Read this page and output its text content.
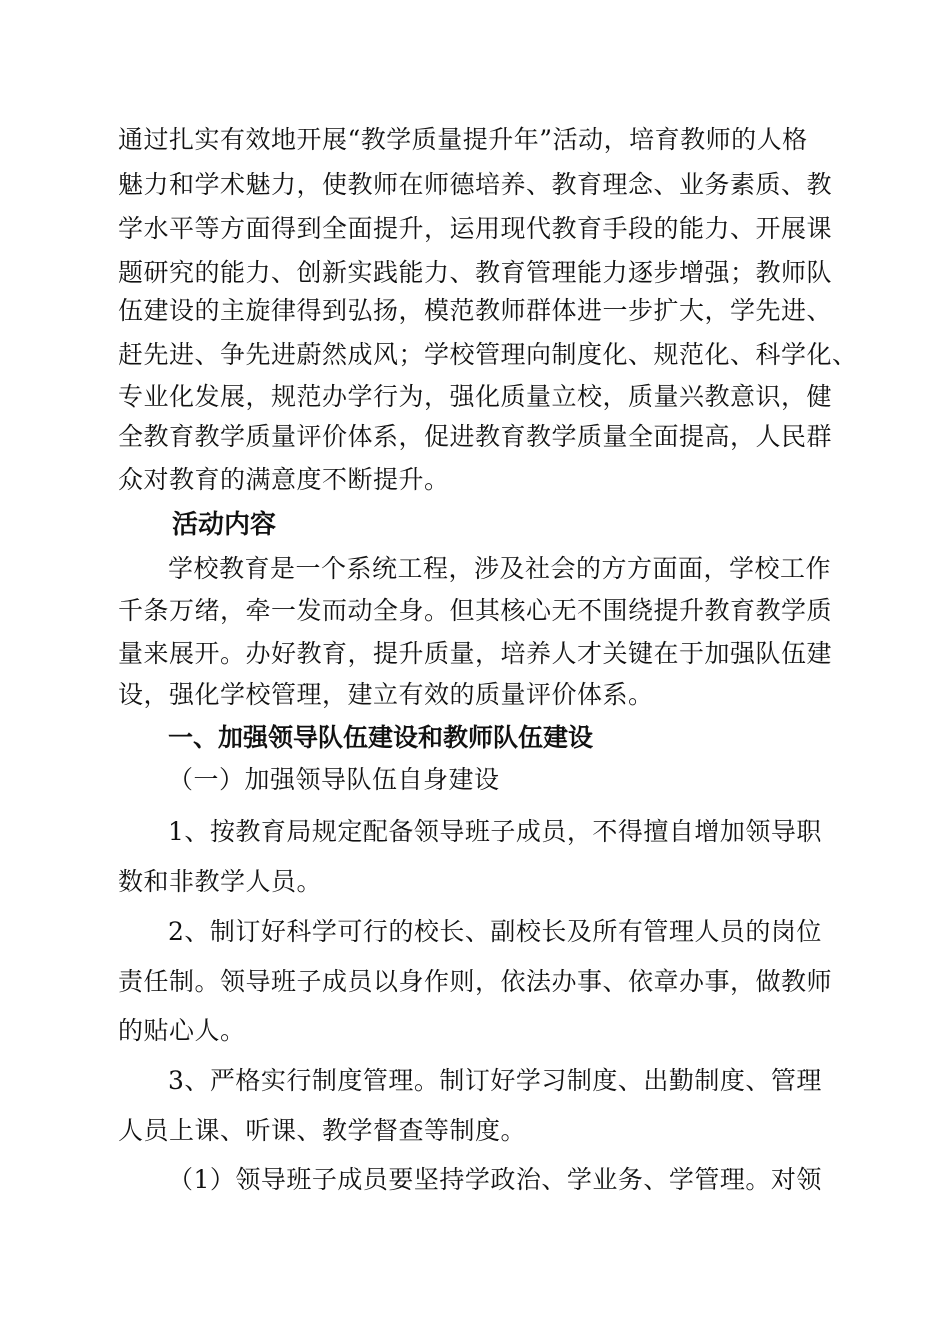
通过扎实有效地开展“教学质量提升年”活动，培育教师的人格
魅力和学术魅力，使教师在师德培养、教育理念、业务素质、教
学水平等方面得到全面提升，运用现代教育手段的能力、开展课
题研究的能力、创新实践能力、教育管理能力逐步增强；教师队
伍建设的主旋律得到弘扬，模范教师群体进一步扩大，学先进、
赶先进、争先进蔚然成风；学校管理向制度化、规范化、科学化、
专业化发展，规范办学行为，强化质量立校，质量兴教意识，健
全教育教学质量评价体系，促进教育教学质量全面提高，人民群
众对教育的满意度不断提升。
活动内容
学校教育是一个系统工程，涉及社会的方方面面，学校工作
千条万绪，牵一发而动全身。但其核心无不围绕提升教育教学质
量来展开。办好教育，提升质量，培养人才关键在于加强队伍建
设，强化学校管理，建立有效的质量评价体系。
一、加强领导队伍建设和教师队伍建设
（一）加强领导队伍自身建设
1、按教育局规定配备领导班子成员，不得擅自增加领导职
数和非教学人员。
2、制订好科学可行的校长、副校长及所有管理人员的岗位
责任制。领导班子成员以身作则，依法办事、依章办事，做教师
的贴心人。
3、严格实行制度管理。制订好学习制度、出勤制度、管理
人员上课、听课、教学督查等制度。
（1）领导班子成员要坚持学政治、学业务、学管理。对领
